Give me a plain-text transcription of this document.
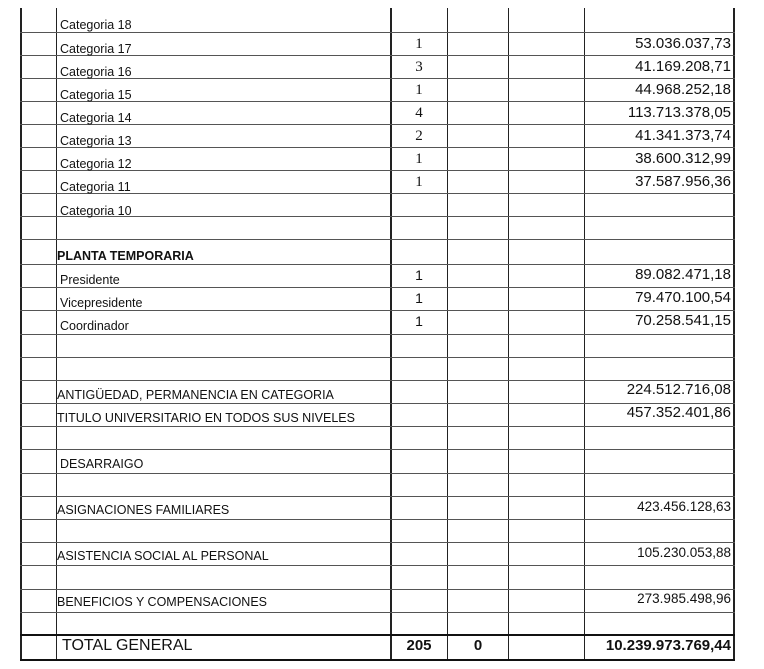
Categoria 18
Categoria 17	1	53.036.037,73
Categoria 16	3	41.169.208,71
Categoria 15	1	44.968.252,18
Categoria 14	4	113.713.378,05
Categoria 13	2	41.341.373,74
Categoria 12	1	38.600.312,99
Categoria 11	1	37.587.956,36
Categoria 10
PLANTA TEMPORARIA
Presidente	1	89.082.471,18
Vicepresidente	1	79.470.100,54
Coordinador	1	70.258.541,15
ANTIGÜEDAD, PERMANENCIA EN CATEGORIA	224.512.716,08
TITULO UNIVERSITARIO EN TODOS SUS NIVELES	457.352.401,86
DESARRAIGO
ASIGNACIONES FAMILIARES	423.456.128,63
ASISTENCIA SOCIAL AL PERSONAL	105.230.053,88
BENEFICIOS Y COMPENSACIONES	273.985.498,96
TOTAL GENERAL	205	0	10.239.973.769,44
